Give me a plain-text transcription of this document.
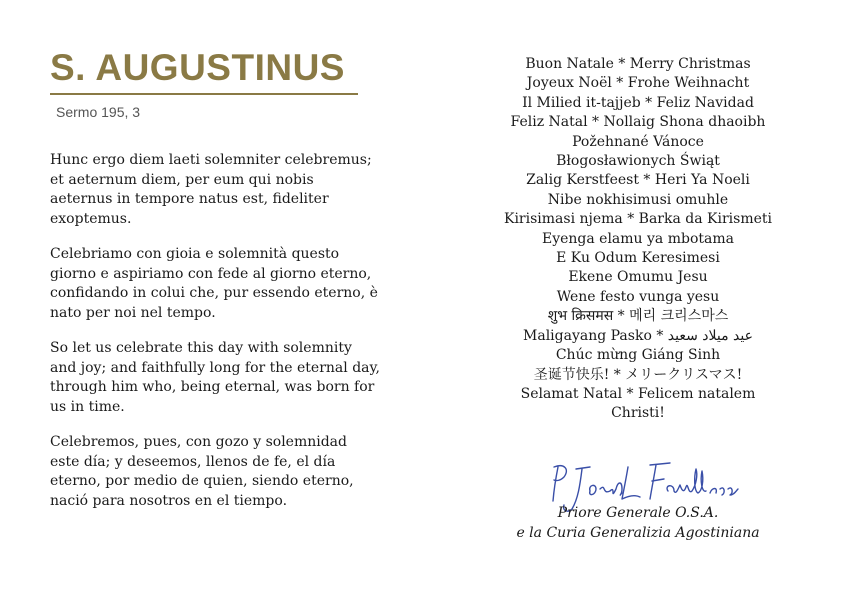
S. AUGUSTINUS
Sermo 195, 3
Hunc ergo diem laeti solemniter celebremus; et aeternum diem, per eum qui nobis aeternus in tempore natus est, fideliter exoptemus.
Celebriamo con gioia e solemnità questo giorno e aspiriamo con fede al giorno eterno, confidando in colui che, pur essendo eterno, è nato per noi nel tempo.
So let us celebrate this day with solemnity and joy; and faithfully long for the eternal day, through him who, being eternal, was born for us in time.
Celebremos, pues, con gozo y solemnidad este día; y deseemos, llenos de fe, el día eterno, por medio de quien, siendo eterno, nació para nosotros en el tiempo.
Buon Natale * Merry Christmas
Joyeux Noël * Frohe Weihnacht
Il Milied it-tajjeb * Feliz Navidad
Feliz Natal * Nollaig Shona dhaoibh
Požehnané Vánoce
Błogosławionych Świąt
Zalig Kerstfeest * Heri Ya Noeli
Nibe nokhisimusi omuhle
Kirisimasi njema * Barka da Kirismeti
Eyenga elamu ya mbotama
E Ku Odum Keresimesi
Ekene Omumu Jesu
Wene festo vunga yesu
शुभ क्रिसमस * 메리 크리스마스
Maligayang Pasko * عيد ميلاد سعيد
Chúc mừng Giáng Sinh
圣诞节快乐! * メリークリスマス!
Selamat Natal * Felicem natalem
Christi!
Priore Generale O.S.A.
e la Curia Generalizia Agostiniana
